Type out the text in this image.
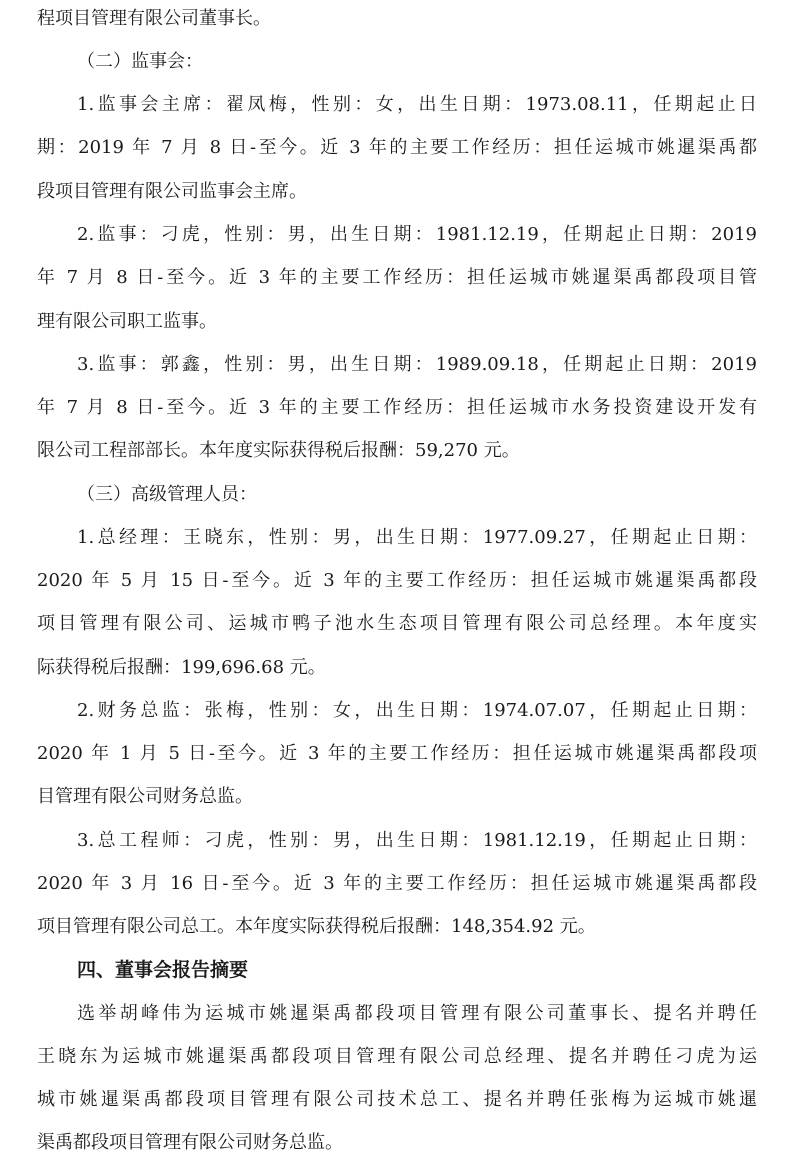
程项目管理有限公司董事长。
（二）监事会：
1.监事会主席：翟凤梅，性别：女，出生日期：1973.08.11，任期起止日
期：2019 年 7 月 8 日-至今。近 3 年的主要工作经历：担任运城市姚暹渠禹都
段项目管理有限公司监事会主席。
2.监事：刁虎，性别：男，出生日期：1981.12.19，任期起止日期：2019
年 7 月 8 日-至今。近 3 年的主要工作经历：担任运城市姚暹渠禹都段项目管
理有限公司职工监事。
3.监事：郭鑫，性别：男，出生日期：1989.09.18，任期起止日期：2019
年 7 月 8 日-至今。近 3 年的主要工作经历：担任运城市水务投资建设开发有
限公司工程部部长。本年度实际获得税后报酬：59,270 元。
（三）高级管理人员：
1.总经理：王晓东，性别：男，出生日期：1977.09.27，任期起止日期：
2020 年 5 月 15 日-至今。近 3 年的主要工作经历：担任运城市姚暹渠禹都段
项目管理有限公司、运城市鸭子池水生态项目管理有限公司总经理。本年度实
际获得税后报酬：199,696.68 元。
2.财务总监：张梅，性别：女，出生日期：1974.07.07，任期起止日期：
2020 年 1 月 5 日-至今。近 3 年的主要工作经历：担任运城市姚暹渠禹都段项
目管理有限公司财务总监。
3.总工程师：刁虎，性别：男，出生日期：1981.12.19，任期起止日期：
2020 年 3 月 16 日-至今。近 3 年的主要工作经历：担任运城市姚暹渠禹都段
项目管理有限公司总工。本年度实际获得税后报酬：148,354.92 元。
四、董事会报告摘要
选举胡峰伟为运城市姚暹渠禹都段项目管理有限公司董事长、提名并聘任
王晓东为运城市姚暹渠禹都段项目管理有限公司总经理、提名并聘任刁虎为运
城市姚暹渠禹都段项目管理有限公司技术总工、提名并聘任张梅为运城市姚暹
渠禹都段项目管理有限公司财务总监。
